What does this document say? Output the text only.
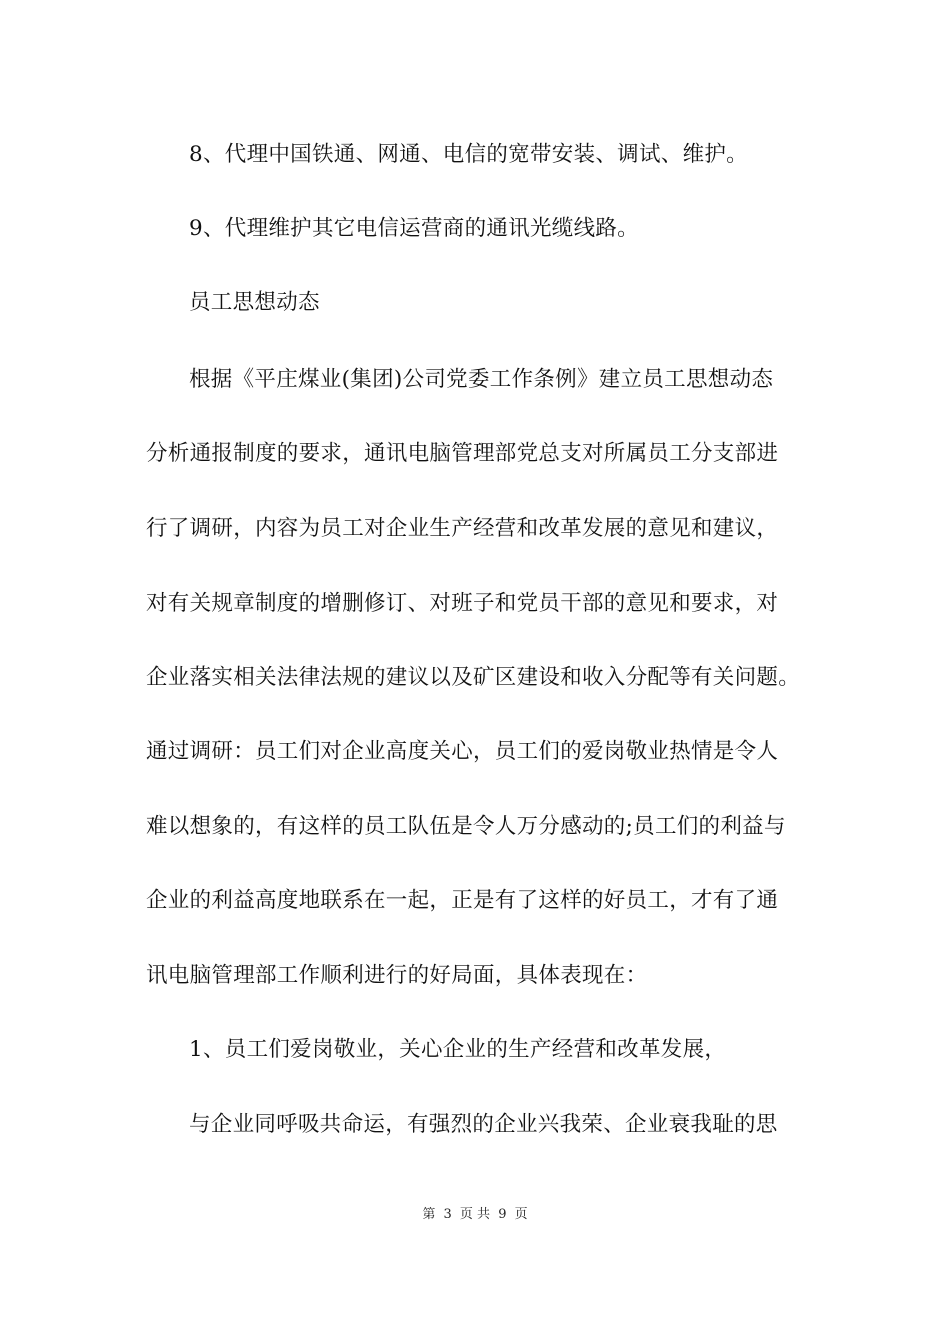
8、代理中国铁通、网通、电信的宽带安装、调试、维护。
9、代理维护其它电信运营商的通讯光缆线路。
员工思想动态
根据《平庄煤业(集团)公司党委工作条例》建立员工思想动态
分析通报制度的要求，通讯电脑管理部党总支对所属员工分支部进
行了调研，内容为员工对企业生产经营和改革发展的意见和建议，
对有关规章制度的增删修订、对班子和党员干部的意见和要求，对
企业落实相关法律法规的建议以及矿区建设和收入分配等有关问题。
通过调研：员工们对企业高度关心，员工们的爱岗敬业热情是令人
难以想象的，有这样的员工队伍是令人万分感动的;员工们的利益与
企业的利益高度地联系在一起，正是有了这样的好员工，才有了通
讯电脑管理部工作顺利进行的好局面，具体表现在：
1、员工们爱岗敬业，关心企业的生产经营和改革发展，
与企业同呼吸共命运，有强烈的企业兴我荣、企业衰我耻的思
第 3 页 共 9 页
